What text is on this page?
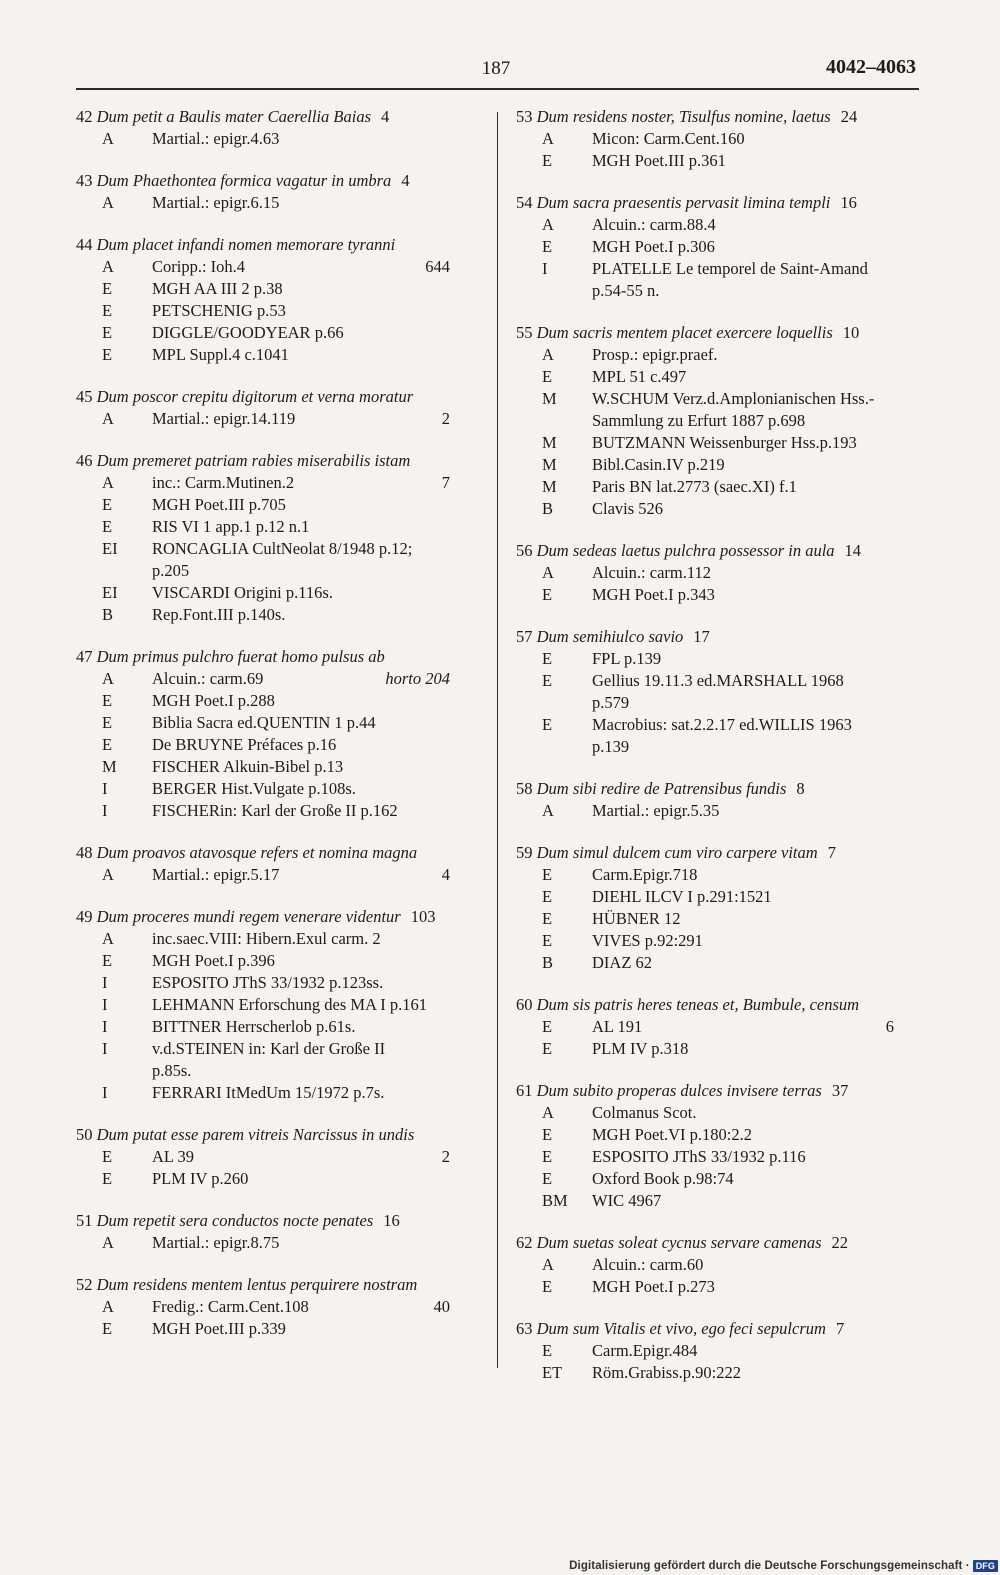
187	4042–4063
42 Dum petit a Baulis mater Caerellia Baias 4
A	Martial.: epigr.4.63
43 Dum Phaethontea formica vagatur in umbra 4
A	Martial.: epigr.6.15
44 Dum placet infandi nomen memorare tyranni
A	Coripp.: Ioh.4	644
E	MGH AA III 2 p.38
E	PETSCHENIG p.53
E	DIGGLE/GOODYEAR p.66
E	MPL Suppl.4 c.1041
45 Dum poscor crepitu digitorum et verna moratur
A	Martial.: epigr.14.119	2
46 Dum premeret patriam rabies miserabilis istam
A	inc.: Carm.Mutinen.2	7
E	MGH Poet.III p.705
E	RIS VI 1 app.1 p.12 n.1
EI	RONCAGLIA CultNeolat 8/1948 p.12;
p.205
EI	VISCARDI Origini p.116s.
B	Rep.Font.III p.140s.
47 Dum primus pulchro fuerat homo pulsus ab
A	Alcuin.: carm.69	horto 204
E	MGH Poet.I p.288
E	Biblia Sacra ed.QUENTIN 1 p.44
E	De BRUYNE Préfaces p.16
M	FISCHER Alkuin-Bibel p.13
I	BERGER Hist.Vulgate p.108s.
I	FISCHERin: Karl der Große II p.162
48 Dum proavos atavosque refers et nomina magna
A	Martial.: epigr.5.17	4
49 Dum proceres mundi regem venerare videntur 103
A	inc.saec.VIII: Hibern.Exul carm. 2
E	MGH Poet.I p.396
I	ESPOSITO JThS 33/1932 p.123ss.
I	LEHMANN Erforschung des MA I p.161
I	BITTNER Herrscherlob p.61s.
I	v.d.STEINEN in: Karl der Große II
p.85s.
I	FERRARI ItMedUm 15/1972 p.7s.
50 Dum putat esse parem vitreis Narcissus in undis
E	AL 39	2
E	PLM IV p.260
51 Dum repetit sera conductos nocte penates 16
A	Martial.: epigr.8.75
52 Dum residens mentem lentus perquirere nostram
A	Fredig.: Carm.Cent.108	40
E	MGH Poet.III p.339
53 Dum residens noster, Tisulfus nomine, laetus 24
A	Micon: Carm.Cent.160
E	MGH Poet.III p.361
54 Dum sacra praesentis pervasit limina templi 16
A	Alcuin.: carm.88.4
E	MGH Poet.I p.306
I	PLATELLE Le temporel de Saint-Amand
p.54-55 n.
55 Dum sacris mentem placet exercere loquellis 10
A	Prosp.: epigr.praef.
E	MPL 51 c.497
M	W.SCHUM Verz.d.Amplonianischen Hss.-
Sammlung zu Erfurt 1887 p.698
M	BUTZMANN Weissenburger Hss.p.193
M	Bibl.Casin.IV p.219
M	Paris BN lat.2773 (saec.XI) f.1
B	Clavis 526
56 Dum sedeas laetus pulchra possessor in aula 14
A	Alcuin.: carm.112
E	MGH Poet.I p.343
57 Dum semihiulco savio 17
E	FPL p.139
E	Gellius 19.11.3 ed.MARSHALL 1968
p.579
E	Macrobius: sat.2.2.17 ed.WILLIS 1963
p.139
58 Dum sibi redire de Patrensibus fundis 8
A	Martial.: epigr.5.35
59 Dum simul dulcem cum viro carpere vitam 7
E	Carm.Epigr.718
E	DIEHL ILCV I p.291:1521
E	HÜBNER 12
E	VIVES p.92:291
B	DIAZ 62
60 Dum sis patris heres teneas et, Bumbule, censum
E	AL 191	6
E	PLM IV p.318
61 Dum subito properas dulces invisere terras 37
A	Colmanus Scot.
E	MGH Poet.VI p.180:2.2
E	ESPOSITO JThS 33/1932 p.116
E	Oxford Book p.98:74
BM	WIC 4967
62 Dum suetas soleat cycnus servare camenas 22
A	Alcuin.: carm.60
E	MGH Poet.I p.273
63 Dum sum Vitalis et vivo, ego feci sepulcrum 7
E	Carm.Epigr.484
ET	Röm.Grabiss.p.90:222
Digitalisierung gefördert durch die Deutsche Forschungsgemeinschaft · DFG
